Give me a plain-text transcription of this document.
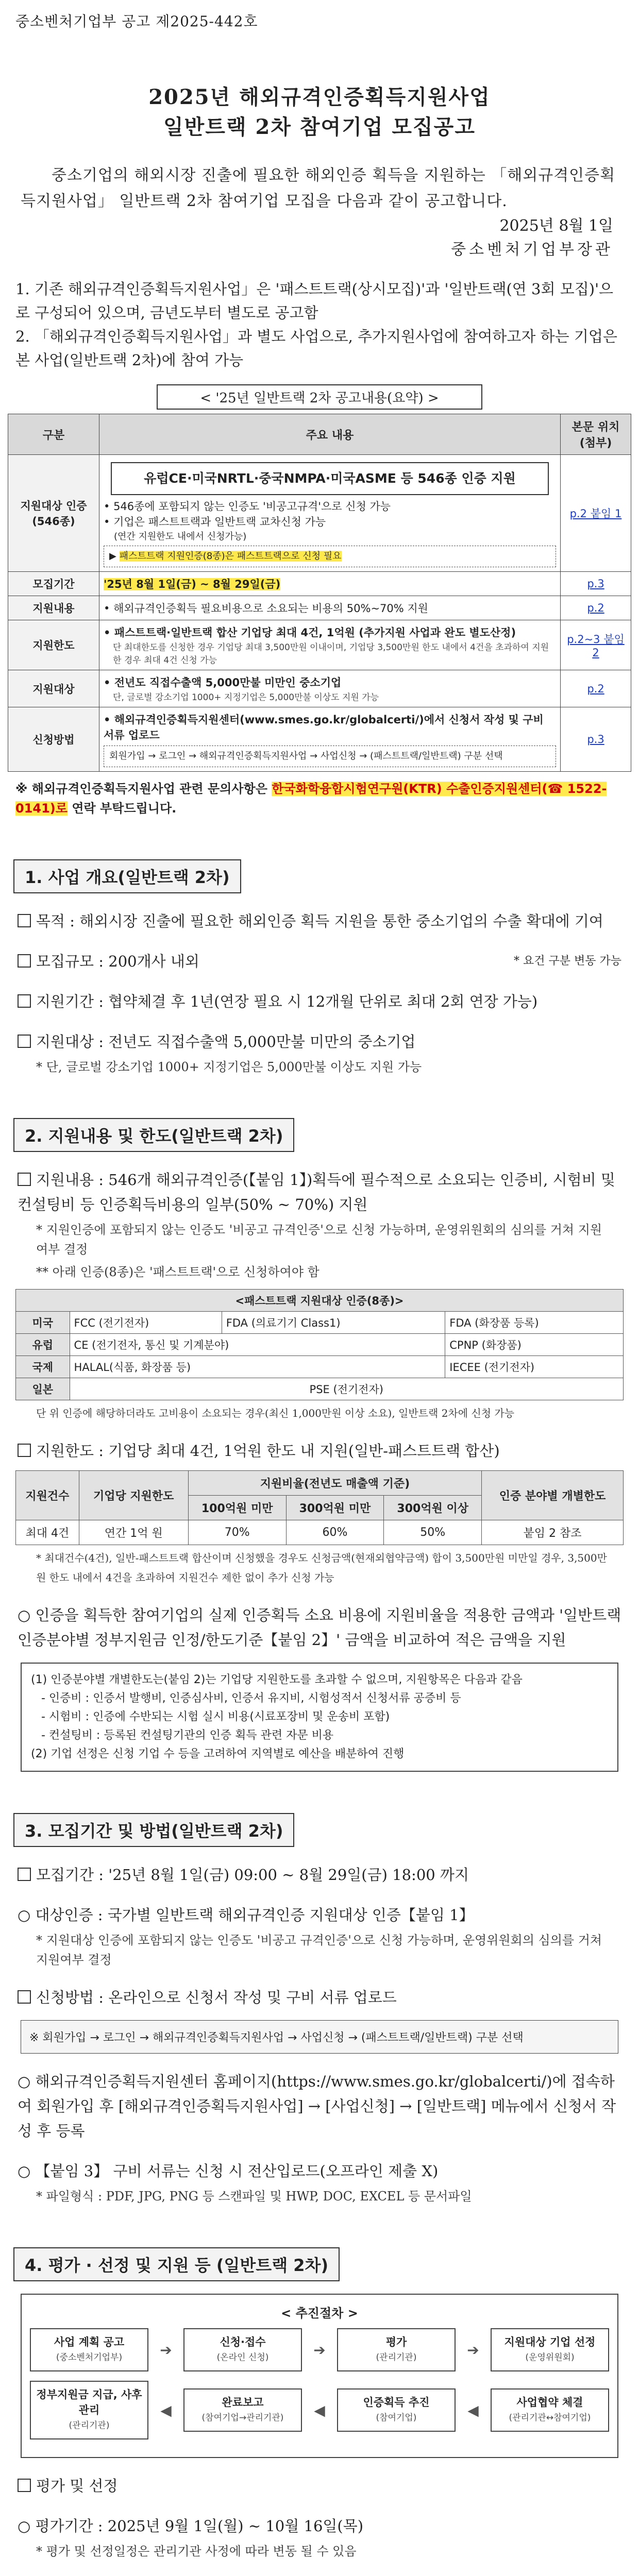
중소벤처기업부 공고 제2025-442호
2025년 해외규격인증획득지원사업
일반트랙 2차 참여기업 모집공고
중소기업의 해외시장 진출에 필요한 해외인증 획득을 지원하는 「해외규격인증획득지원사업」 일반트랙 2차 참여기업 모집을 다음과 같이 공고합니다.
2025년 8월 1일
중소벤처기업부장관

1. 기존 해외규격인증획득지원사업」은 '패스트트랙(상시모집)'과 '일반트랙(연 3회 모집)'으로 구성되어 있으며, 금년도부터 별도로 공고함

2. 「해외규격인증획득지원사업」과 별도 사업으로, 추가지원사업에 참여하고자 하는 기업은 본 사업(일반트랙 2차)에 참여 가능

< '25년 일반트랙 2차 공고내용(요약) >
구분	주요 내용	본문 위치(첨부)
지원대상 인증 (546종)	유럽CE·미국NRTL·중국NMPA·미국ASME 등 546종 인증 지원
• 546종에 포함되지 않는 인증도 '비공고규격'으로 신청 가능
• 기업은 패스트트랙과 일반트랙 교차신청 가능
(연간 지원한도 내에서 신청가능)
▶ 패스트트랙 지원인증(8종)은 패스트트랙으로 신청 필요	p.2 붙임 1
모집기간	'25년 8월 1일(금) ~ 8월 29일(금)	p.3
지원내용	• 해외규격인증획득 필요비용으로 소요되는 비용의 50%~70% 지원	p.2
지원한도	• 패스트트랙·일반트랙 합산 기업당 최대 4건, 1억원 (추가지원 사업과 완도 별도산정)
단 최대한도를 신청한 경우 기업당 최대 3,500만원 이내이며, 기업당 3,500만원 한도 내에서 4건을 초과하여 지원한 경우 최대 4건 신청 가능	p.2~3 붙임 2
지원대상	• 전년도 직접수출액 5,000만불 미만인 중소기업
단, 글로벌 강소기업 1000+ 지정기업은 5,000만불 이상도 지원 가능	p.2
신청방법	• 해외규격인증획득지원센터(www.smes.go.kr/globalcerti/)에서 신청서 작성 및 구비 서류 업로드
회원가입 → 로그인 → 해외규격인증획득지원사업 → 사업신청 → (패스트트랙/일반트랙) 구분 선택	p.3
※ 해외규격인증획득지원사업 관련 문의사항은 한국화학융합시험연구원(KTR) 수출인증지원센터(☎ 1522-0141)로 연락 부탁드립니다.
1. 사업 개요(일반트랙 2차)
목적 : 해외시장 진출에 필요한 해외인증 획득 지원을 통한 중소기업의 수출 확대에 기여
모집규모 : 200개사 내외	* 요건 구분 변동 가능
지원기간 : 협약체결 후 1년(연장 필요 시 12개월 단위로 최대 2회 연장 가능)
지원대상 : 전년도 직접수출액 5,000만불 미만의 중소기업
* 단, 글로벌 강소기업 1000+ 지정기업은 5,000만불 이상도 지원 가능
2. 지원내용 및 한도(일반트랙 2차)
지원내용 : 546개 해외규격인증(【붙임 1】)획득에 필수적으로 소요되는 인증비, 시험비 및 컨설팅비 등 인증획득비용의 일부(50% ~ 70%) 지원
* 지원인증에 포함되지 않는 인증도 '비공고 규격인증'으로 신청 가능하며, 운영위원회의 심의를 거쳐 지원여부 결정
** 아래 인증(8종)은 '패스트트랙'으로 신청하여야 함
<패스트트랙 지원대상 인증(8종)>			
미국	FCC (전기전자)	FDA (의료기기 Class1)	FDA (화장품 등록)
유럽	CE (전기전자, 통신 및 기계분야)		CPNP (화장품)
국제	HALAL(식품, 화장품 등)		IECEE (전기전자)
일본	PSE (전기전자)		
단 위 인증에 해당하더라도 고비용이 소요되는 경우(최신 1,000만원 이상 소요), 일반트랙 2차에 신청 가능
지원한도 : 기업당 최대 4건, 1억원 한도 내 지원(일반-패스트트랙 합산)
지원건수	기업당 지원한도	지원비율(전년도 매출액 기준)			인증 분야별 개별한도
		100억원 미만	300억원 미만	300억원 이상	
최대 4건	연간 1억 원	70%	60%	50%	붙임 2 참조
* 최대건수(4건), 일반-패스트트랙 합산이며 신청했을 경우도 신청금액(현재외협약금액) 합이 3,500만원 미만일 경우, 3,500만원 한도 내에서 4건을 초과하여 지원건수 제한 없이 추가 신청 가능
○ 인증을 획득한 참여기업의 실제 인증획득 소요 비용에 지원비율을 적용한 금액과 '일반트랙 인증분야별 정부지원금 인정/한도기준【붙임 2】' 금액을 비교하여 적은 금액을 지원
(1) 인증분야별 개별한도는(붙임 2)는 기업당 지원한도를 초과할 수 없으며, 지원항목은 다음과 같음
- 인증비 : 인증서 발행비, 인증심사비, 인증서 유지비, 시험성적서 신청서류 공증비 등
- 시험비 : 인증에 수반되는 시험 실시 비용(시료포장비 및 운송비 포함)
- 컨설팅비 : 등록된 컨설팅기관의 인증 획득 관련 자문 비용
(2) 기업 선정은 신청 기업 수 등을 고려하여 지역별로 예산을 배분하여 진행
3. 모집기간 및 방법(일반트랙 2차)
모집기간 : '25년 8월 1일(금) 09:00 ~ 8월 29일(금) 18:00 까지
○ 대상인증 : 국가별 일반트랙 해외규격인증 지원대상 인증【붙임 1】
* 지원대상 인증에 포함되지 않는 인증도 '비공고 규격인증'으로 신청 가능하며, 운영위원회의 심의를 거쳐 지원여부 결정
신청방법 : 온라인으로 신청서 작성 및 구비 서류 업로드
※ 회원가입 → 로그인 → 해외규격인증획득지원사업 → 사업신청 → (패스트트랙/일반트랙) 구분 선택
○ 해외규격인증획득지원센터 홈페이지(https://www.smes.go.kr/globalcerti/)에 접속하여 회원가입 후 [해외규격인증획득지원사업] → [사업신청] → [일반트랙] 메뉴에서 신청서 작성 후 등록
○ 【붙임 3】 구비 서류는 신청 시 전산입로드(오프라인 제출 X)
* 파일형식 : PDF, JPG, PNG 등 스캔파일 및 HWP, DOC, EXCEL 등 문서파일
4. 평가 · 선정 및 지원 등 (일반트랙 2차)
< 추진절차 >
사업 계획 공고
(중소벤처기업부)	➔	신청·접수
(온라인 신청)	➔	평가
(관리기관)	➔	지원대상 기업 선정
(운영위원회)
정부지원금 지급, 사후관리
(관리기관)
◀	완료보고
(참여기업→관리기관)	◀	인증획득 추진
(참여기업)	◀	사업협약 체결
(관리기관↔참여기업)
평가 및 선정
○ 평가기간 : 2025년 9월 1일(월) ~ 10월 16일(목)
* 평가 및 선정일정은 관리기관 사정에 따라 변동 될 수 있음
